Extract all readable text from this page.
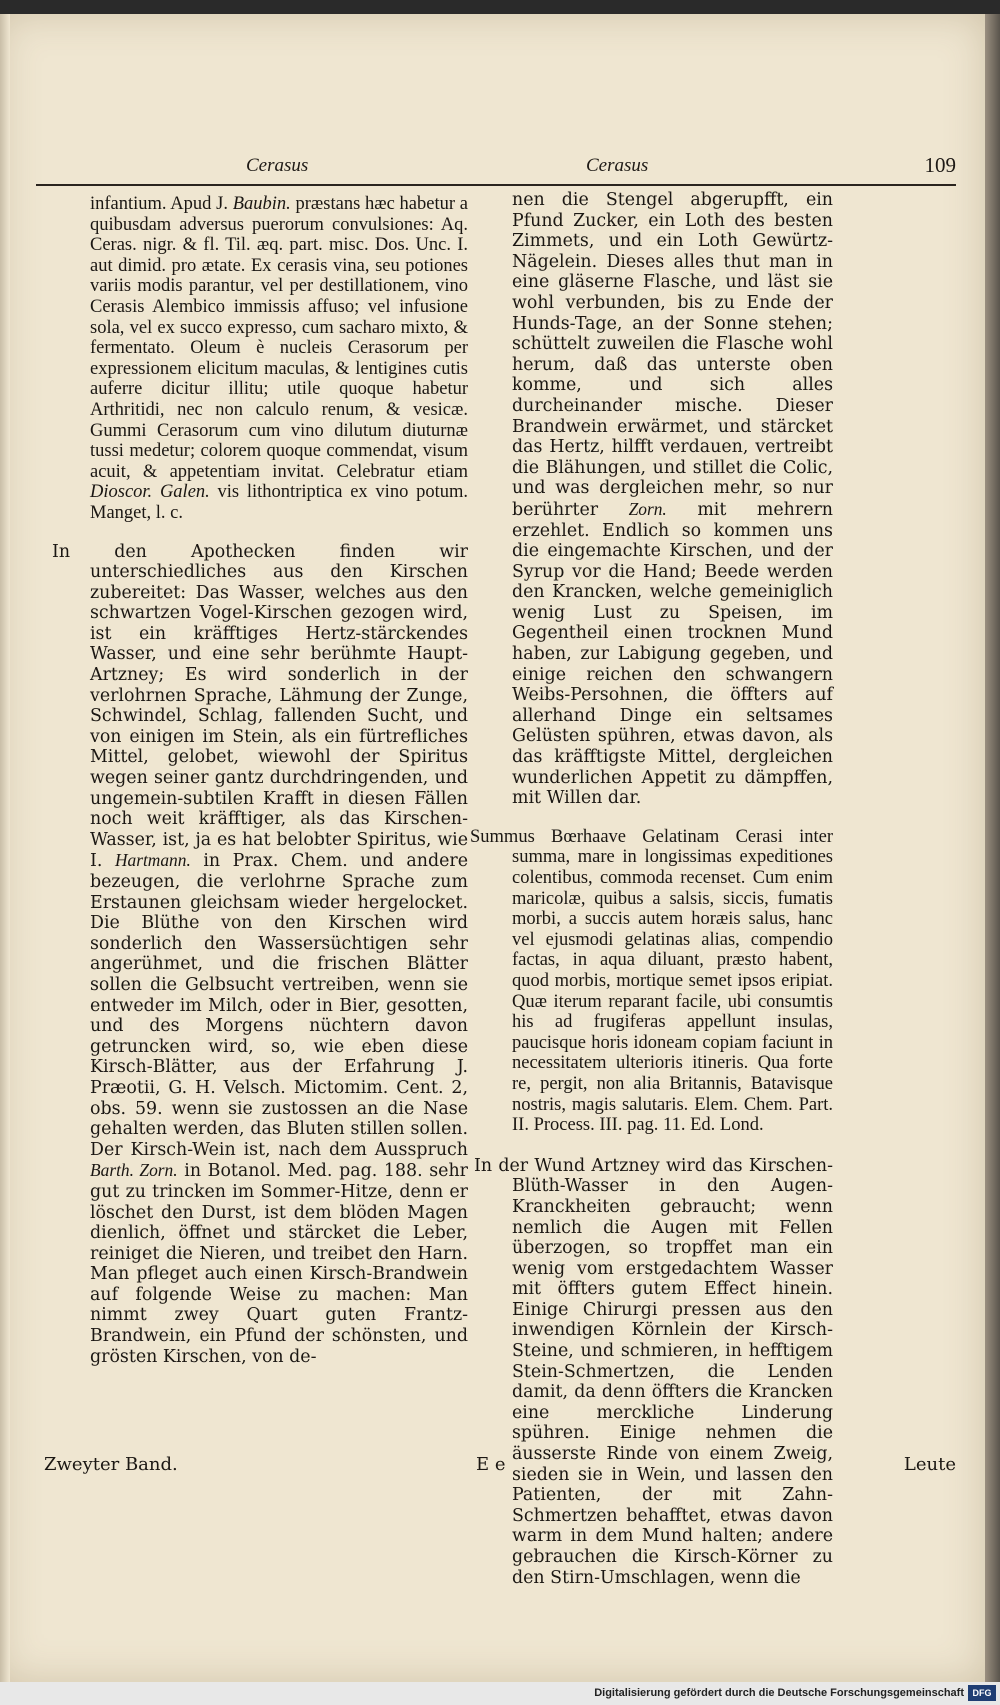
Cerasus	Cerasus	109

infantium. Apud J. Baubin. præstans hæc habetur a quibusdam adversus puerorum convulsiones: Aq. Ceras. nigr. & fl. Til. æq. part. misc. Dos. Unc. I. aut dimid. pro ætate. Ex cerasis vina, seu potiones variis modis parantur, vel per destillationem, vino Cerasis Alembico immissis affuso; vel infusione sola, vel ex succo expresso, cum sacharo mixto, & fermentato. Oleum è nucleis Cerasorum per expressionem elicitum maculas, & lentigines cutis auferre dicitur illitu; utile quoque habetur Arthritidi, nec non calculo renum, & vesicæ. Gummi Cerasorum cum vino dilutum diuturnæ tussi medetur; colorem quoque commendat, visum acuit, & appetentiam invitat. Celebratur etiam Dioscor. Galen. vis lithontriptica ex vino potum. Manget, l. c.

In den Apothecken finden wir unterschiedliches aus den Kirschen zubereitet: Das Wasser, welches aus den schwartzen Vogel-Kirschen gezogen wird, ist ein kräfftiges Hertz-stärckendes Wasser, und eine sehr berühmte Haupt-Artzney; Es wird sonderlich in der verlohrnen Sprache, Lähmung der Zunge, Schwindel, Schlag, fallenden Sucht, und von einigen im Stein, als ein fürtrefliches Mittel, gelobet, wiewohl der Spiritus wegen seiner gantz durchdringenden, und ungemein-subtilen Krafft in diesen Fällen noch weit kräfftiger, als das Kirschen-Wasser, ist, ja es hat belobter Spiritus, wie I. Hartmann. in Prax. Chem. und andere bezeugen, die verlohrne Sprache zum Erstaunen gleichsam wieder hergelocket. Die Blüthe von den Kirschen wird sonderlich den Wassersüchtigen sehr angerühmet, und die frischen Blätter sollen die Gelbsucht vertreiben, wenn sie entweder im Milch, oder in Bier, gesotten, und des Morgens nüchtern davon getruncken wird, so, wie eben diese Kirsch-Blätter, aus der Erfahrung J. Præotii, G. H. Velsch. Mictomim. Cent. 2, obs. 59. wenn sie zustossen an die Nase gehalten werden, das Bluten stillen sollen. Der Kirsch-Wein ist, nach dem Ausspruch Barth. Zorn. in Botanol. Med. pag. 188. sehr gut zu trincken im Sommer-Hitze, denn er löschet den Durst, ist dem blöden Magen dienlich, öffnet und stärcket die Leber, reiniget die Nieren, und treibet den Harn. Man pfleget auch einen Kirsch-Brandwein auf folgende Weise zu machen: Man nimmt zwey Quart guten Frantz-Brandwein, ein Pfund der schönsten, und grösten Kirschen, von de-

nen die Stengel abgerupfft, ein Pfund Zucker, ein Loth des besten Zimmets, und ein Loth Gewürtz-Nägelein. Dieses alles thut man in eine gläserne Flasche, und läst sie wohl verbunden, bis zu Ende der Hunds-Tage, an der Sonne stehen; schüttelt zuweilen die Flasche wohl herum, daß das unterste oben komme, und sich alles durcheinander mische. Dieser Brandwein erwärmet, und stärcket das Hertz, hilfft verdauen, vertreibt die Blähungen, und stillet die Colic, und was dergleichen mehr, so nur berührter Zorn. mit mehrern erzehlet. Endlich so kommen uns die eingemachte Kirschen, und der Syrup vor die Hand; Beede werden den Krancken, welche gemeiniglich wenig Lust zu Speisen, im Gegentheil einen trocknen Mund haben, zur Labigung gegeben, und einige reichen den schwangern Weibs-Persohnen, die öffters auf allerhand Dinge ein seltsames Gelüsten spühren, etwas davon, als das kräfftigste Mittel, dergleichen wunderlichen Appetit zu dämpffen, mit Willen dar.

Summus Bœrhaave Gelatinam Cerasi inter summa, mare in longissimas expeditiones colentibus, commoda recenset. Cum enim maricolæ, quibus a salsis, siccis, fumatis morbi, a succis autem horæis salus, hanc vel ejusmodi gelatinas alias, compendio factas, in aqua diluant, præsto habent, quod morbis, mortique semet ipsos eripiat. Quæ iterum reparant facile, ubi consumtis his ad frugiferas appellunt insulas, paucisque horis idoneam copiam faciunt in necessitatem ulterioris itineris. Qua forte re, pergit, non alia Britannis, Batavisque nostris, magis salutaris. Elem. Chem. Part. II. Process. III. pag. 11. Ed. Lond.

In der Wund Artzney wird das Kirschen-Blüth-Wasser in den Augen-Kranckheiten gebraucht; wenn nemlich die Augen mit Fellen überzogen, so tropffet man ein wenig vom erstgedachtem Wasser mit öffters gutem Effect hinein. Einige Chirurgi pressen aus den inwendigen Körnlein der Kirsch-Steine, und schmieren, in hefftigem Stein-Schmertzen, die Lenden damit, da denn öffters die Krancken eine merckliche Linderung spühren. Einige nehmen die äusserste Rinde von einem Zweig, sieden sie in Wein, und lassen den Patienten, der mit Zahn-Schmertzen behafftet, etwas davon warm in dem Mund halten; andere gebrauchen die Kirsch-Körner zu den Stirn-Umschlagen, wenn die

Zweyter Band.	E e	Leute
Digitalisierung gefördert durch die Deutsche Forschungsgemeinschaft DFG
